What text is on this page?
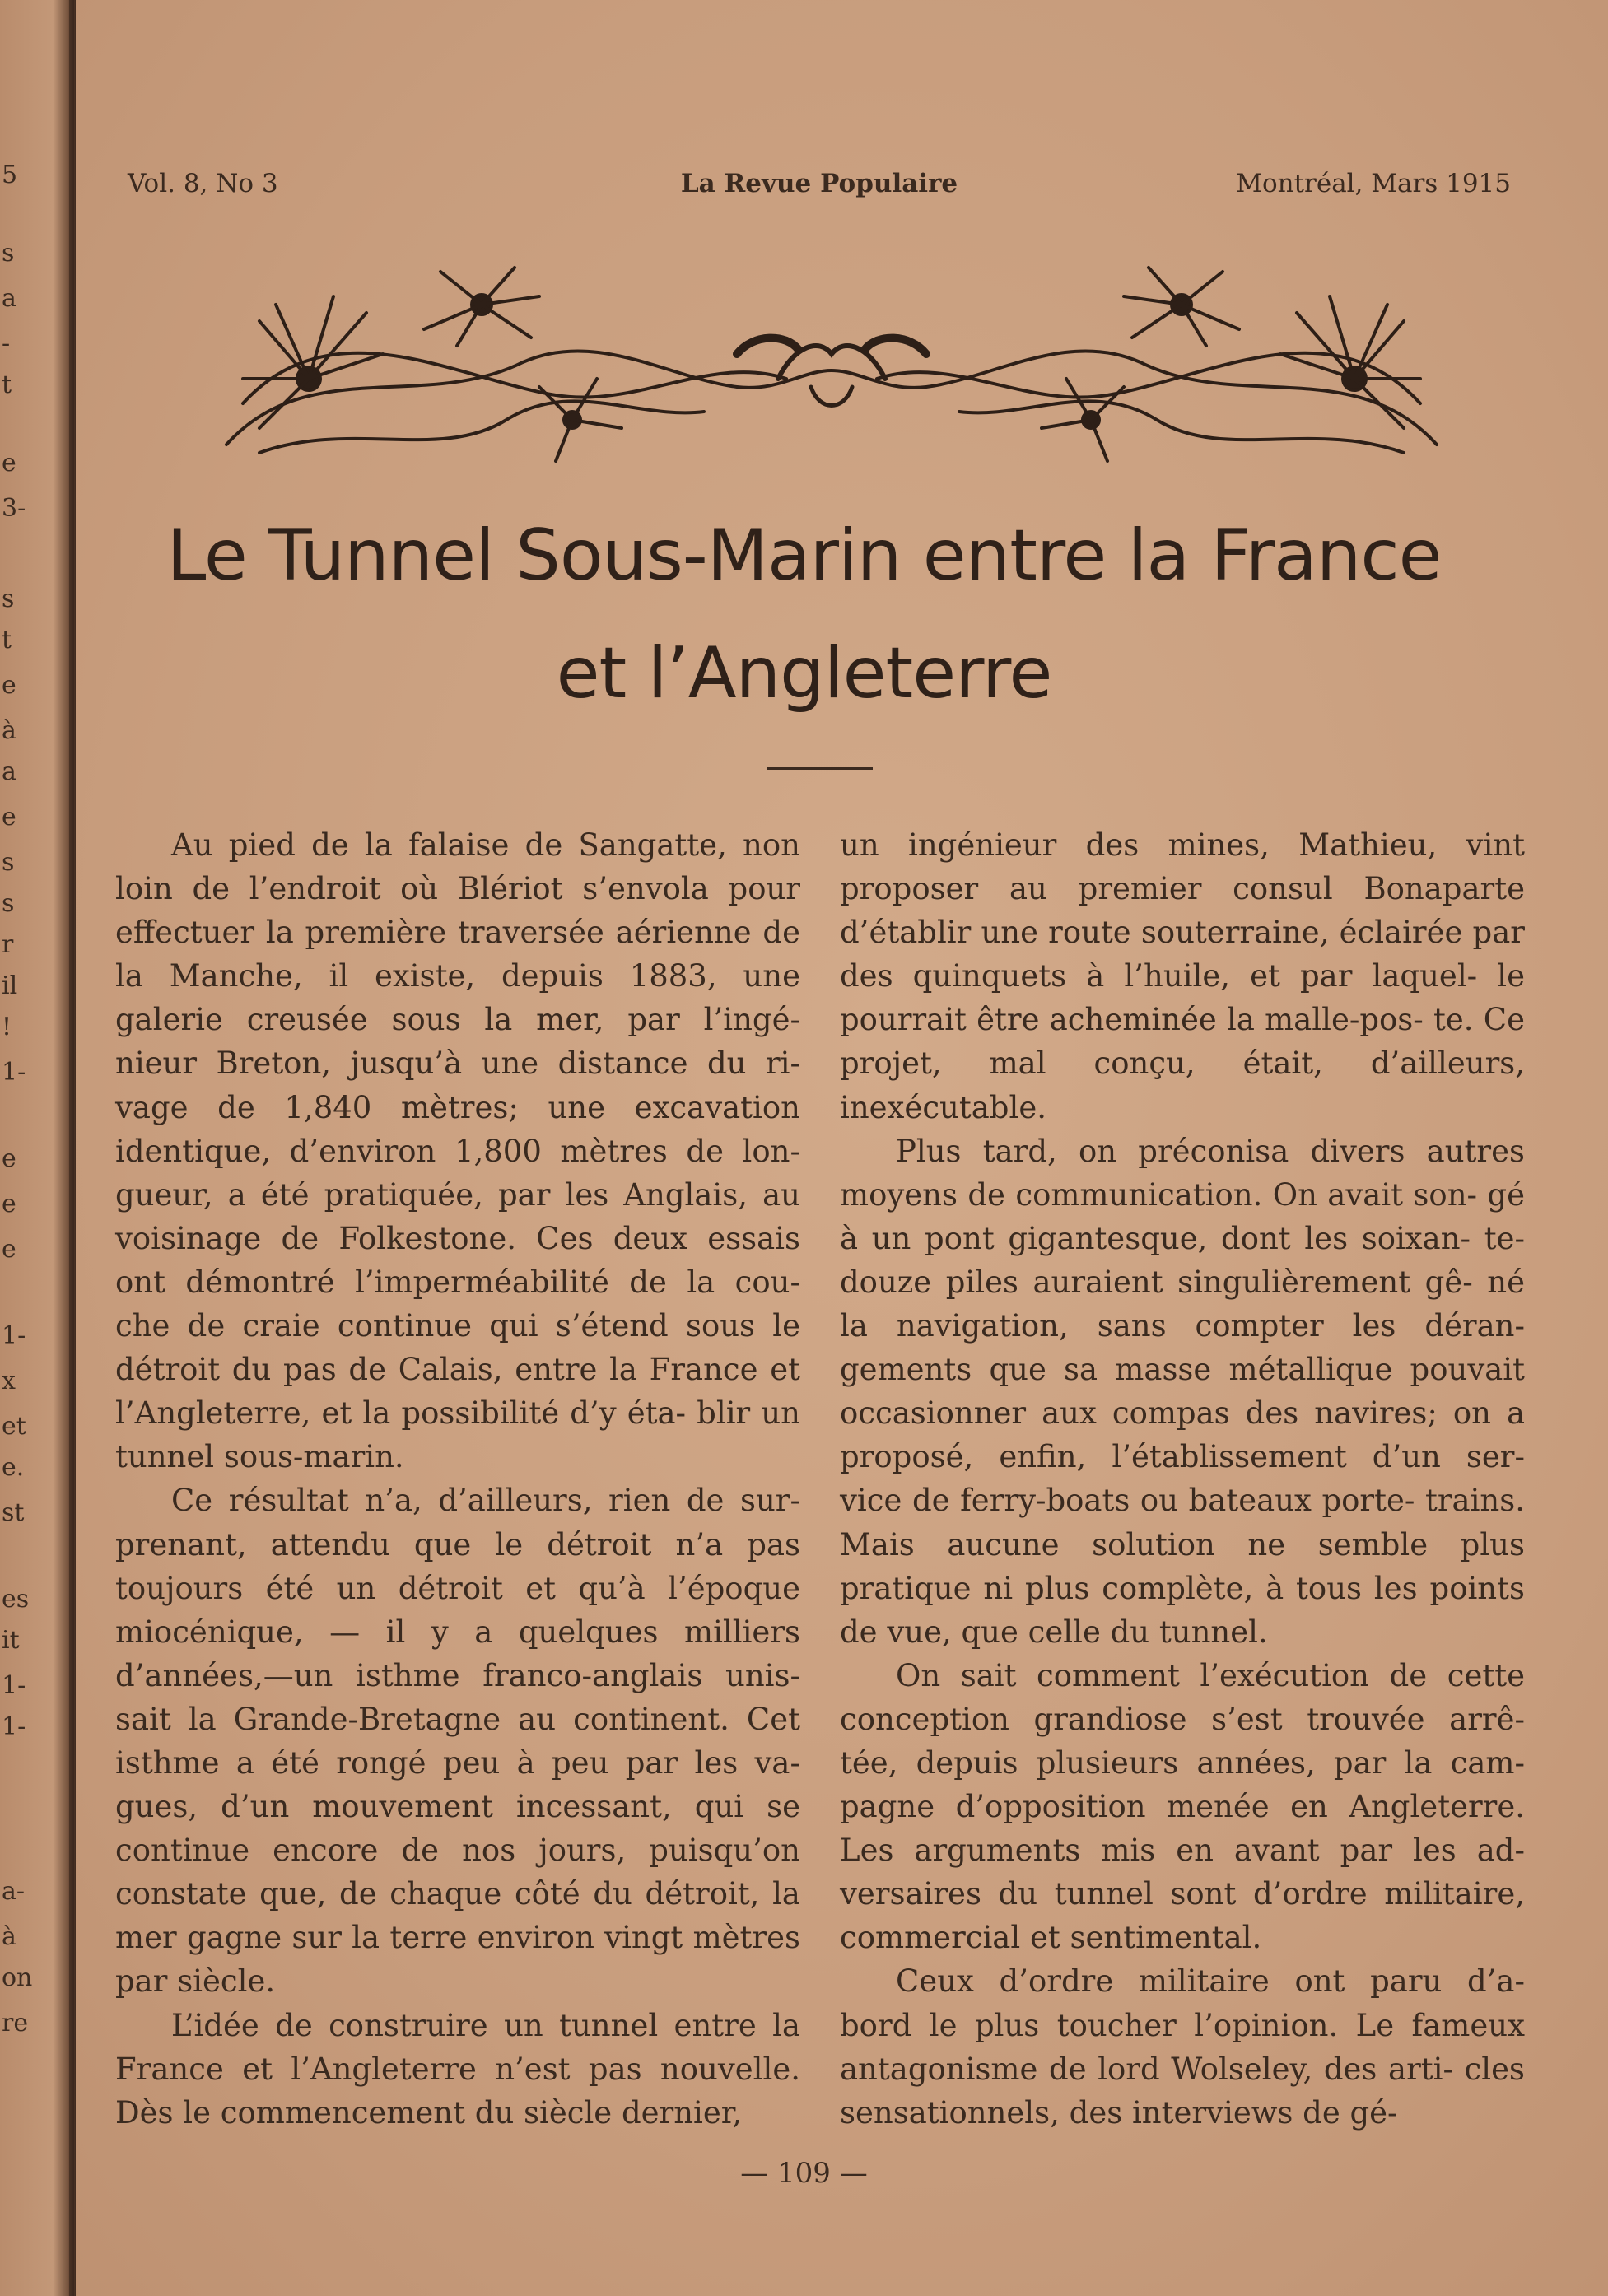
5
s
a
-
t
e
3-
s
t
e
à
a
e
s
s
r
il
!
1-
e
e
e
1-
x
et
e.
st
es
it
1-
1-
a-
à
on
re
Vol. 8, No 3	La Revue Populaire	Montréal, Mars 1915
Le Tunnel Sous-Marin entre la France
et l’Angleterre

Au pied de la falaise de Sangatte, non loin de l’endroit où Blériot s’envola pour effectuer la première traversée aérienne de la Manche, il existe, depuis 1883, une galerie creusée sous la mer, par l’ingé- nieur Breton, jusqu’à une distance du ri- vage de 1,840 mètres; une excavation identique, d’environ 1,800 mètres de lon- gueur, a été pratiquée, par les Anglais, au voisinage de Folkestone. Ces deux essais ont démontré l’imperméabilité de la cou- che de craie continue qui s’étend sous le détroit du pas de Calais, entre la France et l’Angleterre, et la possibilité d’y éta- blir un tunnel sous-marin.

Ce résultat n’a, d’ailleurs, rien de sur- prenant, attendu que le détroit n’a pas toujours été un détroit et qu’à l’époque miocénique, — il y a quelques milliers d’années,—un isthme franco-anglais unis- sait la Grande-Bretagne au continent. Cet isthme a été rongé peu à peu par les va- gues, d’un mouvement incessant, qui se continue encore de nos jours, puisqu’on constate que, de chaque côté du détroit, la mer gagne sur la terre environ vingt mètres par siècle.

L’idée de construire un tunnel entre la France et l’Angleterre n’est pas nouvelle. Dès le commencement du siècle dernier,

un ingénieur des mines, Mathieu, vint proposer au premier consul Bonaparte d’établir une route souterraine, éclairée par des quinquets à l’huile, et par laquel- le pourrait être acheminée la malle-pos- te. Ce projet, mal conçu, était, d’ailleurs, inexécutable.

Plus tard, on préconisa divers autres moyens de communication. On avait son- gé à un pont gigantesque, dont les soixan- te-douze piles auraient singulièrement gê- né la navigation, sans compter les déran- gements que sa masse métallique pouvait occasionner aux compas des navires; on a proposé, enfin, l’établissement d’un ser- vice de ferry-boats ou bateaux porte- trains. Mais aucune solution ne semble plus pratique ni plus complète, à tous les points de vue, que celle du tunnel.

On sait comment l’exécution de cette conception grandiose s’est trouvée arrê- tée, depuis plusieurs années, par la cam- pagne d’opposition menée en Angleterre. Les arguments mis en avant par les ad- versaires du tunnel sont d’ordre militaire, commercial et sentimental.

Ceux d’ordre militaire ont paru d’a- bord le plus toucher l’opinion. Le fameux antagonisme de lord Wolseley, des arti- cles sensationnels, des interviews de gé-

— 109 —
